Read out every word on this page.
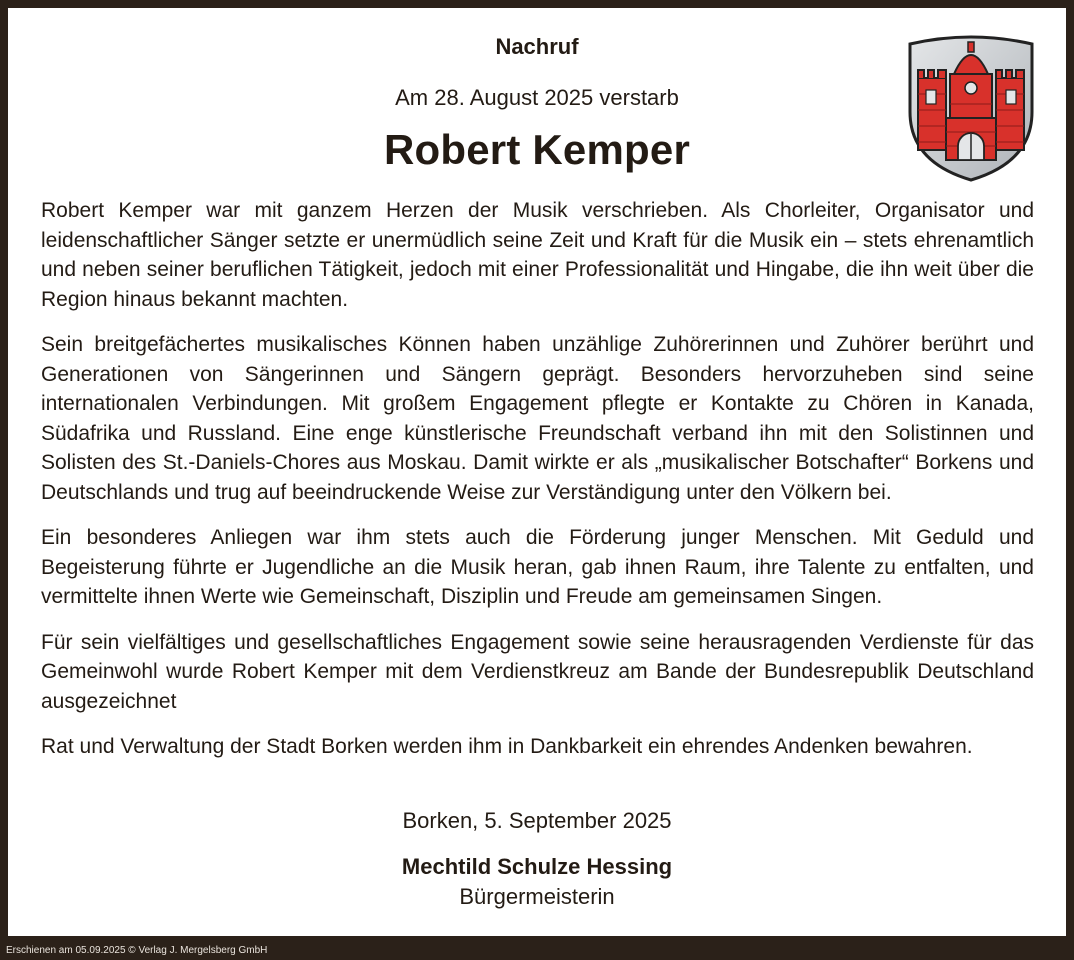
Nachruf
Am 28. August 2025 verstarb
Robert Kemper

Robert Kemper war mit ganzem Herzen der Musik verschrieben. Als Chorleiter, Organisator und leidenschaftlicher Sänger setzte er unermüdlich seine Zeit und Kraft für die Musik ein – stets ehrenamtlich und neben seiner beruflichen Tätigkeit, jedoch mit einer Professionalität und Hingabe, die ihn weit über die Region hinaus bekannt machten.

Sein breitgefächertes musikalisches Können haben unzählige Zuhörerinnen und Zuhörer berührt und Generationen von Sängerinnen und Sängern geprägt. Besonders hervorzuheben sind seine internationalen Verbindungen. Mit großem Engagement pflegte er Kontakte zu Chören in Kanada, Südafrika und Russland. Eine enge künstlerische Freundschaft verband ihn mit den Solistinnen und Solisten des St.-Daniels-Chores aus Moskau. Damit wirkte er als „musikalischer Botschafter“ Borkens und Deutschlands und trug auf beeindruckende Weise zur Verständigung unter den Völkern bei.

Ein besonderes Anliegen war ihm stets auch die Förderung junger Menschen. Mit Geduld und Begeisterung führte er Jugendliche an die Musik heran, gab ihnen Raum, ihre Talente zu entfalten, und vermittelte ihnen Werte wie Gemeinschaft, Disziplin und Freude am gemeinsamen Singen.

Für sein vielfältiges und gesellschaftliches Engagement sowie seine herausragenden Verdienste für das Gemeinwohl wurde Robert Kemper mit dem Verdienstkreuz am Bande der Bundesrepublik Deutschland ausgezeichnet

Rat und Verwaltung der Stadt Borken werden ihm in Dankbarkeit ein ehrendes Andenken bewahren.

Borken, 5. September 2025
Mechtild Schulze Hessing
Bürgermeisterin
Erschienen am 05.09.2025 © Verlag J. Mergelsberg GmbH
